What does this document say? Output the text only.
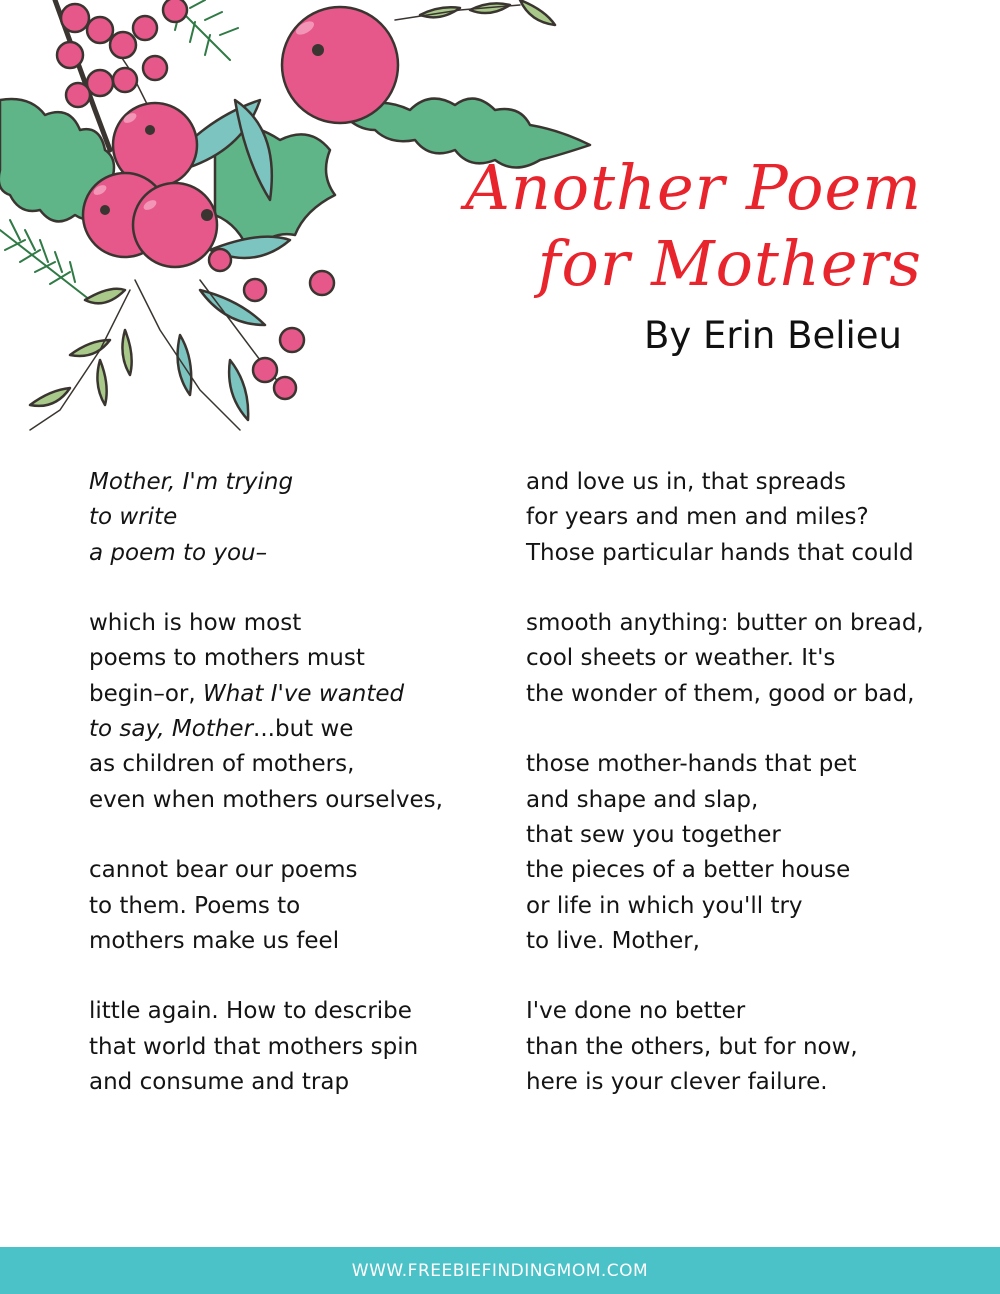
Another Poem
for Mothers
By Erin Belieu
Mother, I'm trying
to write
a poem to you–
which is how most
poems to mothers must
begin–or, What I've wanted
to say, Mother...but we
as children of mothers,
even when mothers ourselves,
cannot bear our poems
to them. Poems to
mothers make us feel
little again. How to describe
that world that mothers spin
and consume and trap
and love us in, that spreads
for years and men and miles?
Those particular hands that could
smooth anything: butter on bread,
cool sheets or weather. It's
the wonder of them, good or bad,
those mother-hands that pet
and shape and slap,
that sew you together
the pieces of a better house
or life in which you'll try
to live. Mother,
I've done no better
than the others, but for now,
here is your clever failure.
WWW.FREEBIEFINDINGMOM.COM
